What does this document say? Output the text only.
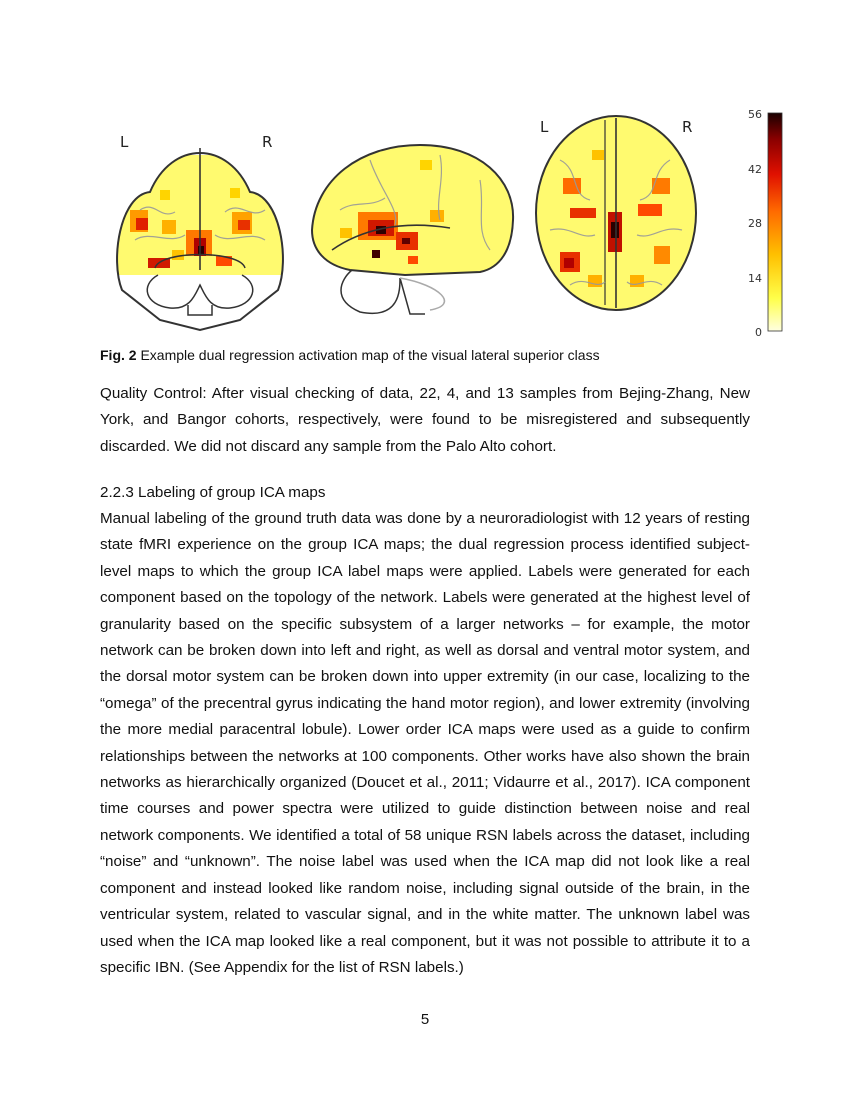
L	R
L	R
56
42
28
14
0
Fig. 2 Example dual regression activation map of the visual lateral superior class
Quality Control: After visual checking of data, 22, 4, and 13 samples from Bejing-Zhang, New York, and Bangor cohorts, respectively, were found to be misregistered and subsequently discarded. We did not discard any sample from the Palo Alto cohort.
2.2.3 Labeling of group ICA maps
Manual labeling of the ground truth data was done by a neuroradiologist with 12 years of resting state fMRI experience on the group ICA maps; the dual regression process identified subject-level maps to which the group ICA label maps were applied. Labels were generated for each component based on the topology of the network. Labels were generated at the highest level of granularity based on the specific subsystem of a larger networks – for example, the motor network can be broken down into left and right, as well as dorsal and ventral motor system, and the dorsal motor system can be broken down into upper extremity (in our case, localizing to the “omega” of the precentral gyrus indicating the hand motor region), and lower extremity (involving the more medial paracentral lobule). Lower order ICA maps were used as a guide to confirm relationships between the networks at 100 components. Other works have also shown the brain networks as hierarchically organized (Doucet et al., 2011; Vidaurre et al., 2017). ICA component time courses and power spectra were utilized to guide distinction between noise and real network components. We identified a total of 58 unique RSN labels across the dataset, including “noise” and “unknown”. The noise label was used when the ICA map did not look like a real component and instead looked like random noise, including signal outside of the brain, in the ventricular system, related to vascular signal, and in the white matter. The unknown label was used when the ICA map looked like a real component, but it was not possible to attribute it to a specific IBN. (See Appendix for the list of RSN labels.)
5
